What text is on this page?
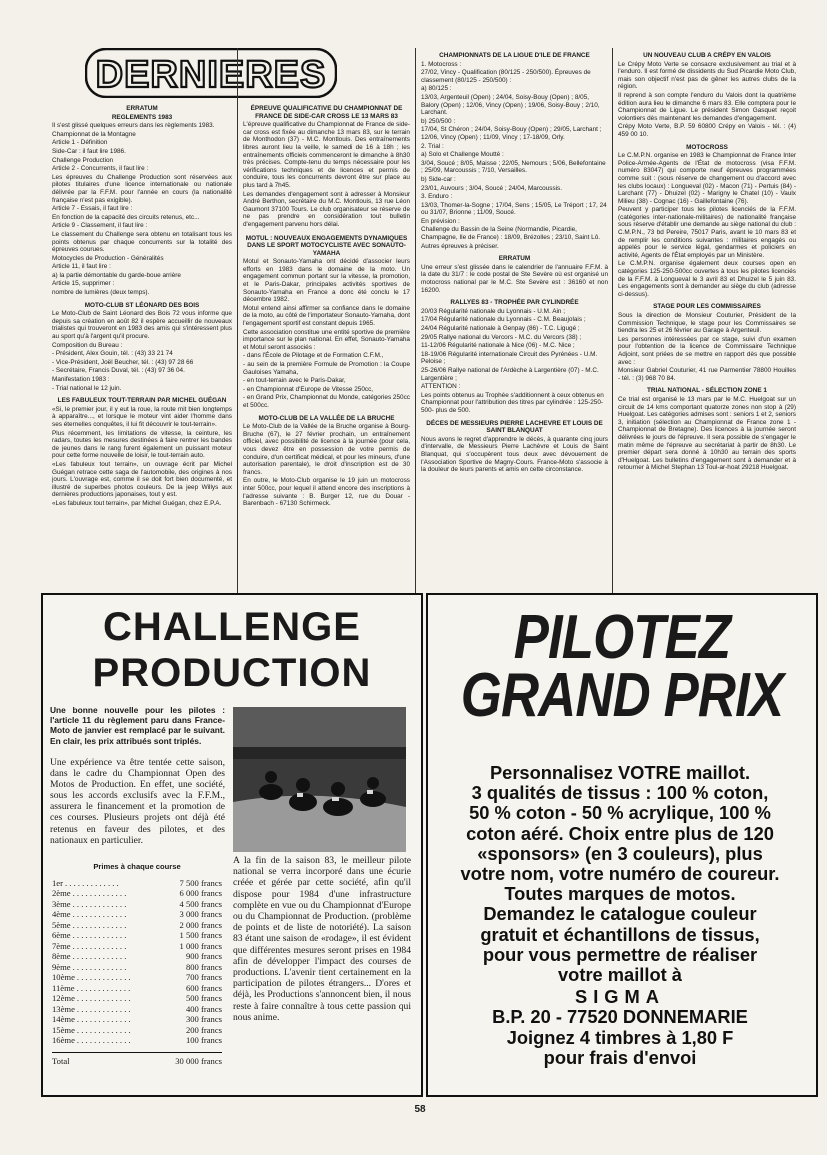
DERNIERES
ERRATUM
REGLEMENTS 1983

Il s'est glissé quelques erreurs dans les règlements 1983.

Championnat de la Montagne

Article 1 - Définition

Side-Car : il faut lire 1986.

Challenge Production

Article 2 - Concurrents, il faut lire :

Les épreuves du Challenge Production sont réservées aux pilotes titulaires d'une licence internationale ou nationale délivrée par la F.F.M. pour l'année en cours (la nationalité française n'est pas exigible).

Article 7 - Essais, il faut lire :

En fonction de la capacité des circuits retenus, etc...

Article 9 - Classement, il faut lire :

Le classement du Challenge sera obtenu en totalisant tous les points obtenus par chaque concurrents sur la totalité des épreuves courues.

Motocycles de Production - Généralités

Article 11, il faut lire :

a) la partie démontable du garde-boue arrière

Article 15, supprimer :

nombre de lumières (deux temps).

MOTO-CLUB ST LÉONARD DES BOIS

Le Moto-Club de Saint Léonard des Bois 72 vous informe que depuis sa création en août 82 il espère accueillir de nouveaux trialistes qui trouveront en 1983 des amis qui s'intéressent plus au sport qu'à l'argent qu'il procure.

Composition du Bureau :

- Président, Alex Gouin, tél. : (43) 33 21 74

- Vice-Président, Joël Beucher, tél. : (43) 97 28 66

- Secrétaire, Francis Duval, tél. : (43) 97 36 04.

Manifestation 1983 :

- Trial national le 12 juin.

LES FABULEUX TOUT-TERRAIN PAR MICHEL GUÉGAN

«Si, le premier jour, il y eut la roue, la route mit bien longtemps à apparaître..., et lorsque le moteur vint aider l'homme dans ses éternelles conquêtes, il lui fit découvrir le tout-terrain».

Plus récemment, les limitations de vitesse, la ceinture, les radars, toutes les mesures destinées à faire rentrer les bandes de jeunes dans le rang furent également un puissant moteur pour cette forme nouvelle de loisir, le tout-terrain auto.

«Les fabuleux tout terrain», un ouvrage écrit par Michel Guégan retrace cette saga de l'automobile, des origines à nos jours. L'ouvrage est, comme il se doit fort bien documenté, et illustré de superbes photos couleurs. De la jeep Willys aux dernières productions japonaises, tout y est.

«Les fabuleux tout terrain», par Michel Guégan, chez E.P.A.

ÉPREUVE QUALIFICATIVE DU CHAMPIONNAT DE FRANCE DE SIDE-CAR CROSS LE 13 MARS 83

L'épreuve qualificative du Championnat de France de side-car cross est fixée au dimanche 13 mars 83, sur le terrain de Monthodon (37) - M.C. Montlouis. Des entraînements libres auront lieu la veille, le samedi de 16 à 18h ; les entraînements officiels commenceront le dimanche à 8h30 très précises. Compte-tenu du temps nécessaire pour les vérifications techniques et de licences et permis de conduire, tous les concurrents devront être sur place au plus tard à 7h45.

Les demandes d'engagement sont à adresser à Monsieur André Berthon, secrétaire du M.C. Montlouis, 13 rue Léon Gaumont 37100 Tours. Le club organisateur se réserve de ne pas prendre en considération tout bulletin d'engagement parvenu hors délai.

MOTUL : NOUVEAUX ENGAGEMENTS DYNAMIQUES DANS LE SPORT MOTOCYCLISTE AVEC SONAUTO-YAMAHA

Motul et Sonauto-Yamaha ont décidé d'associer leurs efforts en 1983 dans le domaine de la moto. Un engagement commun portant sur la vitesse, la promotion, et le Paris-Dakar, principales activités sportives de Sonauto-Yamaha en France a donc été conclu le 17 décembre 1982.

Motul entend ainsi affirmer sa confiance dans le domaine de la moto, au côté de l'importateur Sonauto-Yamaha, dont l'engagement sportif est constant depuis 1965.

Cette association constitue une entité sportive de première importance sur le plan national. En effet, Sonauto-Yamaha et Motul seront associés :

- dans l'École de Pilotage et de Formation C.F.M.,

- au sein de la première Formule de Promotion : la Coupe Gauloises Yamaha,

- en tout-terrain avec le Paris-Dakar,

- en Championnat d'Europe de Vitesse 250cc,

- en Grand Prix, Championnat du Monde, catégories 250cc et 500cc.

MOTO-CLUB DE LA VALLÉE DE LA BRUCHE

Le Moto-Club de la Vallée de la Bruche organise à Bourg-Bruche (67), le 27 février prochain, un entraînement officiel, avec possibilité de licence à la journée (pour cela, vous devez être en possession de votre permis de conduire, d'un certificat médical, et pour les mineurs, d'une autorisation parentale), le droit d'inscription est de 30 francs.

En outre, le Moto-Club organise le 19 juin un motocross inter 500cc, pour lequel il attend encore des inscriptions à l'adresse suivante : B. Burger 12, rue du Douar - Barenbach - 67130 Schirmeck.

CHAMPIONNATS DE LA LIGUE D'ILE DE FRANCE

1. Motocross :

27/02, Vincy - Qualification (80/125 - 250/500). Épreuves de classement (80/125 - 250/500) :

a) 80/125 :

13/03, Argenteuil (Open) ; 24/04, Soisy-Bouy (Open) ; 8/05, Balory (Open) ; 12/06, Vincy (Open) ; 19/06, Soisy-Bouy ; 2/10, Larchant.

b) 250/500 :

17/04, St Chéron ; 24/04, Soisy-Bouy (Open) ; 29/05, Larchant ; 12/06, Vincy (Open) ; 11/09, Vincy ; 17-18/09, Orly.

2. Trial :

a) Solo et Challenge Moutté :

3/04, Soucé ; 8/05, Maisse ; 22/05, Nemours ; 5/06, Bellefontaine ; 25/09, Marcoussis ; 7/10, Versailles.

b) Side-car :

23/01, Auvours ; 3/04, Soucé ; 24/04, Marcoussis.

3. Enduro :

13/03, Thomer-la-Sogne ; 17/04, Sens ; 15/05, Le Tréport ; 17, 24 ou 31/07, Brionne ; 11/09, Soucé.

En prévision :

Challenge du Bassin de la Seine (Normandie, Picardie, Champagne, Ile de France) : 18/09, Brézolles ; 23/10, Saint Lô.

Autres épreuves à préciser.

ERRATUM

Une erreur s'est glissée dans le calendrier de l'annuaire F.F.M. à la date du 31/7 : le code postal de Ste Sevère où est organisé un motocross national par le M.C. Ste Sevère est : 36160 et non 16200.

RALLYES 83 - TROPHÉE PAR CYLINDRÉE

20/03 Régularité nationale du Lyonnais - U.M. Ain ;

17/04 Régularité nationale du Lyonnais - C.M. Beaujolais ;

24/04 Régularité nationale à Genpay (86) - T.C. Ligugé ;

29/05 Rallye national du Vercors - M.C. du Vercors (38) ;

11-12/06 Régularité nationale à Nice (06) - M.C. Nice ;

18-19/06 Régularité internationale Circuit des Pyrénées - U.M. Peloise ;

25-26/06 Rallye national de l'Ardèche à Largentière (07) - M.C. Largentière ;

ATTENTION :

Les points obtenus au Trophée s'additionnent à ceux obtenus en Championnat pour l'attribution des titres par cylindrée : 125-250-500- plus de 500.

DÉCES DE MESSIEURS PIERRE LACHEVRE ET LOUIS DE SAINT BLANQUAT

Nous avons le regret d'apprendre le décès, à quarante cinq jours d'intervalle, de Messieurs Pierre Lachèvre et Louis de Saint Blanquat, qui s'occupèrent tous deux avec dévouement de l'Association Sportive de Magny-Cours. France-Moto s'associe à la douleur de leurs parents et amis en cette circonstance.

UN NOUVEAU CLUB A CRÉPY EN VALOIS

Le Crépy Moto Verte se consacre exclusivement au trial et à l'enduro. Il est formé de dissidents du Sud Picardie Moto Club, mais son objectif n'est pas de gêner les autres clubs de la région.

Il reprend à son compte l'enduro du Valois dont la quatrième édition aura lieu le dimanche 6 mars 83. Elle comptera pour le Championnat de Ligue. Le président Simon Gasquet reçoit volontiers dès maintenant les demandes d'engagement.

Crépy Moto Verte, B.P. 59 60800 Crépy en Valois - tél. : (4) 459 00 10.

MOTOCROSS

Le C.M.P.N. organise en 1983 le Championnat de France Inter Police-Armée-Agents de l'État de motocross (visa F.F.M. numéro 83047) qui comporte neuf épreuves programmées comme suit : (sous réserve de changement ou d'accord avec les clubs locaux) : Longueval (02) - Macon (71) - Pertuis (84) - Larchant (77) - Dhuizel (02) - Marigny le Chatel (10) - Vaulx Milieu (38) - Cognac (16) - Gaillefontaine (76).

Peuvent y participer tous les pilotes licenciés de la F.F.M. (catégories inter-nationale-militaires) de nationalité française sous réserve d'établir une demande au siège national du club : C.M.P.N., 73 bd Pereire, 75017 Paris, avant le 10 mars 83 et de remplir les conditions suivantes : militaires engagés ou appelés pour le service légal, gendarmes et policiers en activité, Agents de l'État employés par un Ministère.

Le C.M.P.N. organise également deux courses open en catégories 125-250-500cc ouvertes à tous les pilotes licenciés de la F.F.M. à Longueval le 3 avril 83 et Dhuizel le 5 juin 83. Les engagements sont à demander au siège du club (adresse ci-dessus).

STAGE POUR LES COMMISSAIRES

Sous la direction de Monsieur Couturier, Président de la Commission Technique, le stage pour les Commissaires se tiendra les 25 et 26 février au Garage à Argenteuil.

Les personnes intéressées par ce stage, suivi d'un examen pour l'obtention de la licence de Commissaire Technique Adjoint, sont priées de se mettre en rapport dès que possible avec :

Monsieur Gabriel Couturier, 41 rue Parmentier 78800 Houilles - tél. : (3) 968 70 84.

TRIAL NATIONAL - SÉLECTION ZONE 1

Ce trial est organisé le 13 mars par le M.C. Huelgoat sur un circuit de 14 kms comportant quatorze zones non stop à (29) Huelgoat. Les catégories admises sont : seniors 1 et 2, seniors 3, initiation (sélection au Championnat de France zone 1 - Championnat de Bretagne). Des licences à la journée seront délivrées le jours de l'épreuve. Il sera possible de s'engager le matin même de l'épreuve au secrétariat à partir de 8h30. Le premier départ sera donné à 10h30 au terrain des sports d'Huelgoat. Les bulletins d'engagement sont à demander et à retourner à Michel Stephan 13 Toul-ar-hoat 29218 Huelgoat.

CHALLENGE
PRODUCTION
Une bonne nouvelle pour les pilotes : l'article 11 du règlement paru dans France-Moto de janvier est remplacé par le suivant. En clair, les prix attribués sont triplés.
Une expérience va être tentée cette saison, dans le cadre du Championnat Open des Motos de Production. En effet, une société, sous les accords exclusifs avec la F.F.M., assurera le financement et la promotion de ces courses. Plusieurs projets ont déjà été retenus en faveur des pilotes, et des nationaux en particulier.
Primes à chaque course
1er . . . . . . . . . . . . .	7 500 francs
2ème . . . . . . . . . . . . .	6 000 francs
3ème . . . . . . . . . . . . .	4 500 francs
4ème . . . . . . . . . . . . .	3 000 francs
5ème . . . . . . . . . . . . .	2 000 francs
6ème . . . . . . . . . . . . .	1 500 francs
7ème . . . . . . . . . . . . .	1 000 francs
8ème . . . . . . . . . . . . .	900 francs
9ème . . . . . . . . . . . . .	800 francs
10ème . . . . . . . . . . . . .	700 francs
11ème . . . . . . . . . . . . .	600 francs
12ème . . . . . . . . . . . . .	500 francs
13ème . . . . . . . . . . . . .	400 francs
14ème . . . . . . . . . . . . .	300 francs
15ème . . . . . . . . . . . . .	200 francs
16ème . . . . . . . . . . . . .	100 francs
Total	30 000 francs
A la fin de la saison 83, le meilleur pilote national se verra incorporé dans une écurie créée et gérée par cette société, afin qu'il dispose pour 1984 d'une infrastructure complète en vue ou du Championnat d'Europe ou du Championnat de Production. (problème de points et de liste de notoriété). La saison 83 étant une saison de «rodage», il est évident que différentes mesures seront prises en 1984 afin de développer l'impact des courses de productions. L'avenir tient certainement en la participation de pilotes étrangers... D'ores et déjà, les Productions s'annoncent bien, il nous reste à faire connaître à tous cette passion qui nous anime.
PILOTEZ
GRAND PRIX
Personnalisez VOTRE maillot.
3 qualités de tissus : 100 % coton,
50 % coton - 50 % acrylique, 100 %
coton aéré. Choix entre plus de 120
«sponsors» (en 3 couleurs), plus
votre nom, votre numéro de coureur.
Toutes marques de motos.
Demandez le catalogue couleur
gratuit et échantillons de tissus,
pour vous permettre de réaliser
votre maillot à
SIGMA
B.P. 20 - 77520 DONNEMARIE
Joignez 4 timbres à 1,80 F
pour frais d'envoi
58
